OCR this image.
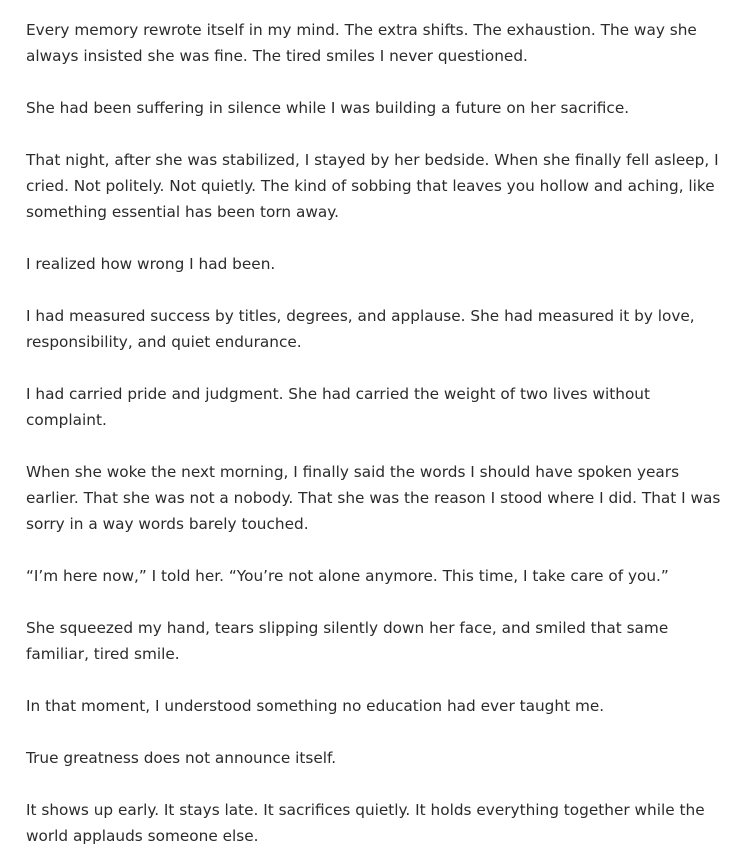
Every memory rewrote itself in my mind. The extra shifts. The exhaustion. The way she always insisted she was fine. The tired smiles I never questioned.

She had been suffering in silence while I was building a future on her sacrifice.

That night, after she was stabilized, I stayed by her bedside. When she finally fell asleep, I cried. Not politely. Not quietly. The kind of sobbing that leaves you hollow and aching, like something essential has been torn away.

I realized how wrong I had been.

I had measured success by titles, degrees, and applause. She had measured it by love, responsibility, and quiet endurance.

I had carried pride and judgment. She had carried the weight of two lives without complaint.

When she woke the next morning, I finally said the words I should have spoken years earlier. That she was not a nobody. That she was the reason I stood where I did. That I was sorry in a way words barely touched.

“I’m here now,” I told her. “You’re not alone anymore. This time, I take care of you.”

She squeezed my hand, tears slipping silently down her face, and smiled that same familiar, tired smile.

In that moment, I understood something no education had ever taught me.

True greatness does not announce itself.

It shows up early. It stays late. It sacrifices quietly. It holds everything together while the world applauds someone else.
